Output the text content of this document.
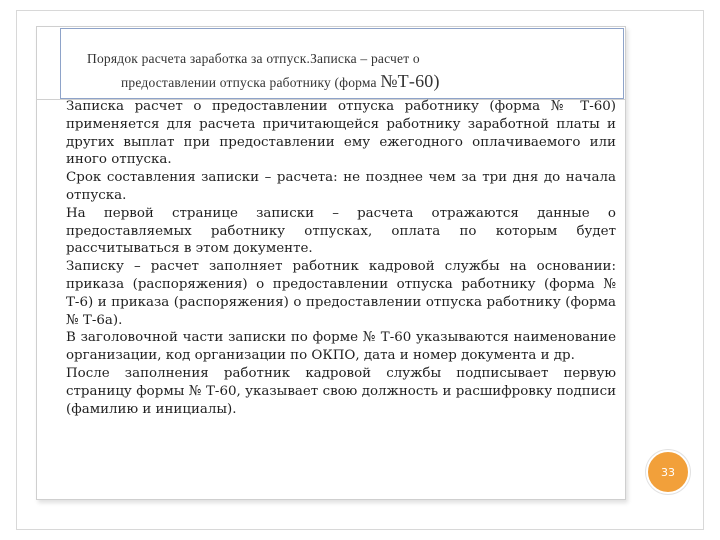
Порядок расчета заработка за отпуск.Записка – расчет о
предоставлении отпуска работнику (форма №Т-60)
Записка расчет о предоставлении отпуска работнику (форма № Т-60) применяется для расчета причитающейся работнику заработной платы и других выплат при предоставлении ему ежегодного оплачиваемого или иного отпуска.
Срок составления записки – расчета: не позднее чем за три дня до начала отпуска.
На первой странице записки – расчета отражаются данные о предоставляемых работнику отпусках, оплата по которым будет рассчитываться в этом документе.
Записку – расчет заполняет работник кадровой службы на основании: приказа (распоряжения) о предоставлении отпуска работнику (форма № Т-6) и приказа (распоряжения) о предоставлении отпуска работнику (форма № Т-6а).
В заголовочной части записки по форме № Т-60 указываются наименование организации, код организации по ОКПО, дата и номер документа и др.
После заполнения работник кадровой службы подписывает первую страницу формы № Т-60, указывает свою должность и расшифровку подписи (фамилию и инициалы).
33
